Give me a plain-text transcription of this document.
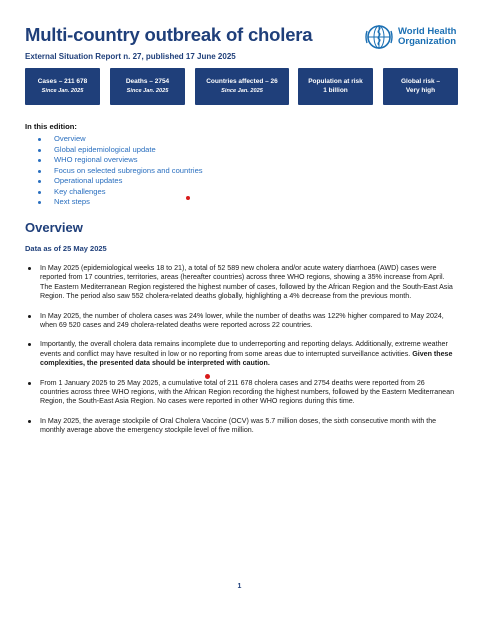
Multi-country outbreak of cholera
External Situation Report n. 27, published 17 June 2025
World Health
Organization
Cases – 211 678
Since Jan. 2025
Deaths – 2754
Since Jan. 2025
Countries affected – 26
Since Jan. 2025
Population at risk
1 billion
Global risk –
Very high
In this edition:
Overview
Global epidemiological update
WHO regional overviews
Focus on selected subregions and countries
Operational updates
Key challenges
Next steps
Overview
Data as of 25 May 2025
In May 2025 (epidemiological weeks 18 to 21), a total of 52 589 new cholera and/or acute watery diarrhoea (AWD) cases were reported from 17 countries, territories, areas (hereafter countries) across three WHO regions, showing a 35% increase from April. The Eastern Mediterranean Region registered the highest number of cases, followed by the African Region and the South-East Asia Region. The period also saw 552 cholera-related deaths globally, highlighting a 4% decrease from the previous month.
In May 2025, the number of cholera cases was 24% lower, while the number of deaths was 122% higher compared to May 2024, when 69 520 cases and 249 cholera-related deaths were reported across 22 countries.
Importantly, the overall cholera data remains incomplete due to underreporting and reporting delays. Additionally, extreme weather events and conflict may have resulted in low or no reporting from some areas due to interrupted surveillance activities. Given these complexities, the presented data should be interpreted with caution.
From 1 January 2025 to 25 May 2025, a cumulative total of 211 678 cholera cases and 2754 deaths were reported from 26 countries across three WHO regions, with the African Region recording the highest numbers, followed by the Eastern Mediterranean Region, the South-East Asia Region. No cases were reported in other WHO regions during this time.
In May 2025, the average stockpile of Oral Cholera Vaccine (OCV) was 5.7 million doses, the sixth consecutive month with the monthly average above the emergency stockpile level of five million.
1
